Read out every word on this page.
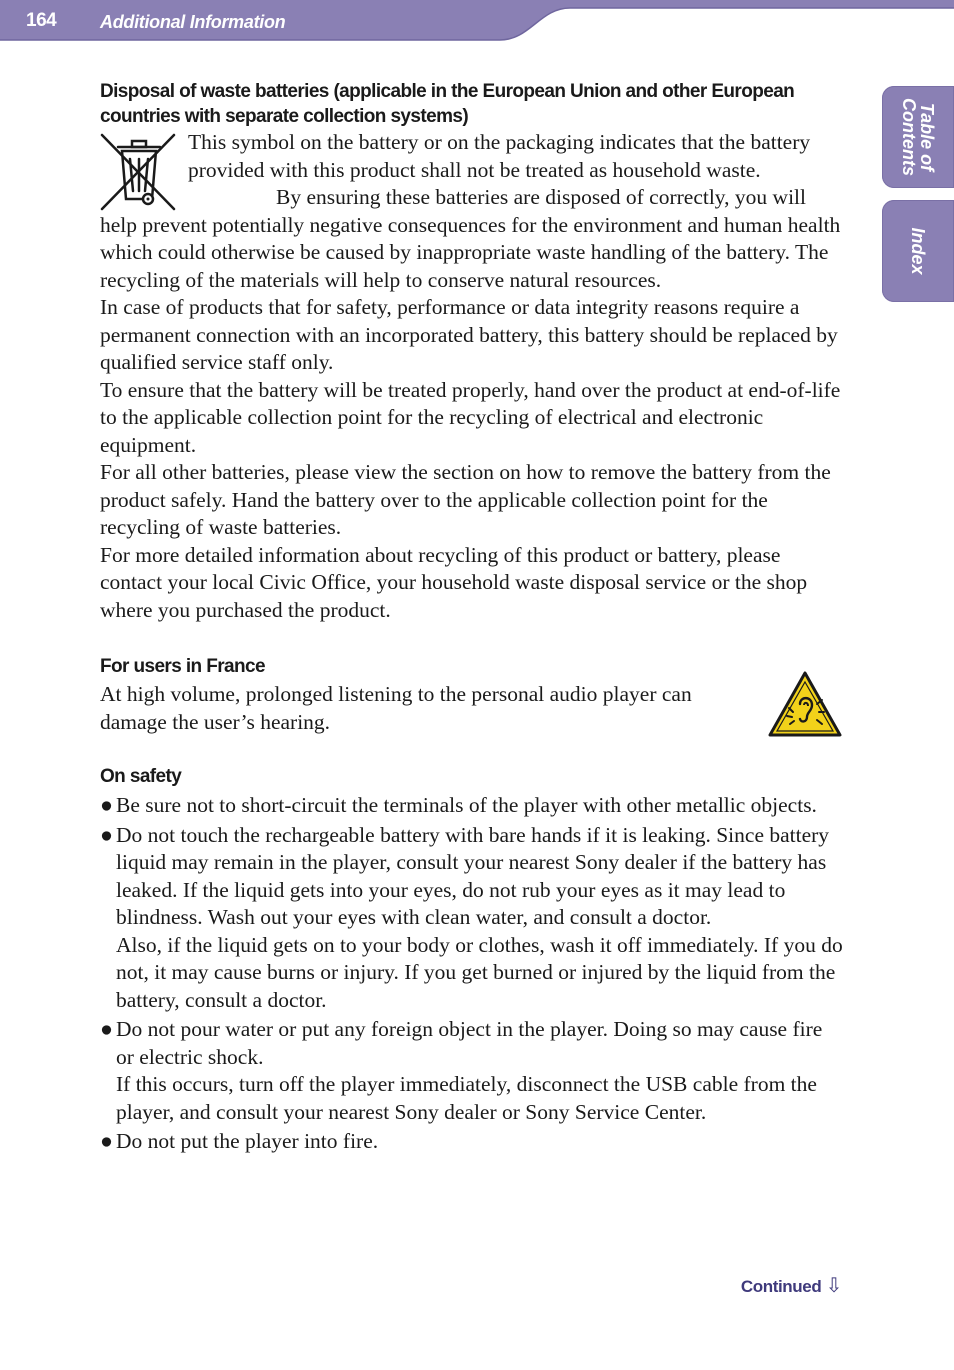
164 Additional Information
Table of
Contents
Index
Disposal of waste batteries (applicable in the European Union and other European countries with separate collection systems)

This symbol on the battery or on the packaging indicates that the battery provided with this product shall not be treated as household waste.

By ensuring these batteries are disposed of correctly, you will help prevent potentially negative consequences for the environment and human health which could otherwise be caused by inappropriate waste handling of the battery. The recycling of the materials will help to conserve natural resources.

In case of products that for safety, performance or data integrity reasons require a permanent connection with an incorporated battery, this battery should be replaced by qualified service staff only.

To ensure that the battery will be treated properly, hand over the product at end-of-life to the applicable collection point for the recycling of electrical and electronic equipment.

For all other batteries, please view the section on how to remove the battery from the product safely. Hand the battery over to the applicable collection point for the recycling of waste batteries.

For more detailed information about recycling of this product or battery, please contact your local Civic Office, your household waste disposal service or the shop where you purchased the product.

For users in France

At high volume, prolonged listening to the personal audio player can damage the user’s hearing.

On safety
● Be sure not to short-circuit the terminals of the player with other metallic objects.
● Do not touch the rechargeable battery with bare hands if it is leaking. Since battery liquid may remain in the player, consult your nearest Sony dealer if the battery has leaked. If the liquid gets into your eyes, do not rub your eyes as it may lead to blindness. Wash out your eyes with clean water, and consult a doctor.
Also, if the liquid gets on to your body or clothes, wash it off immediately. If you do not, it may cause burns or injury. If you get burned or injured by the liquid from the battery, consult a doctor.
● Do not pour water or put any foreign object in the player. Doing so may cause fire or electric shock.
If this occurs, turn off the player immediately, disconnect the USB cable from the player, and consult your nearest Sony dealer or Sony Service Center.
● Do not put the player into fire.
Continued ⇩
